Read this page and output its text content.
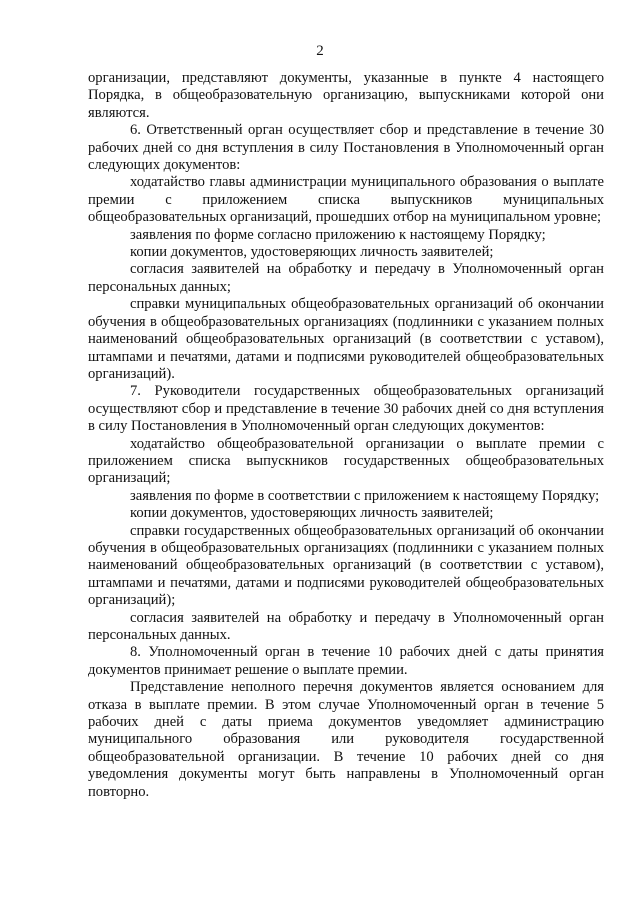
2

организации, представляют документы, указанные в пункте 4 настоящего Порядка, в общеобразовательную организацию, выпускниками которой они являются.

6. Ответственный орган осуществляет сбор и представление в течение 30 рабочих дней со дня вступления в силу Постановления в Уполномоченный орган следующих документов:

ходатайство главы администрации муниципального образования о выплате премии с приложением списка выпускников муниципальных общеобразовательных организаций, прошедших отбор на муниципальном уровне;

заявления по форме согласно приложению к настоящему Порядку;

копии документов, удостоверяющих личность заявителей;

согласия заявителей на обработку и передачу в Уполномоченный орган персональных данных;

справки муниципальных общеобразовательных организаций об окончании обучения в общеобразовательных организациях (подлинники с указанием полных наименований общеобразовательных организаций (в соответствии с уставом), штампами и печатями, датами и подписями руководителей общеобразовательных организаций).

7. Руководители государственных общеобразовательных организаций осуществляют сбор и представление в течение 30 рабочих дней со дня вступления в силу Постановления в Уполномоченный орган следующих документов:

ходатайство общеобразовательной организации о выплате премии с приложением списка выпускников государственных общеобразовательных организаций;

заявления по форме в соответствии с приложением к настоящему Порядку;

копии документов, удостоверяющих личность заявителей;

справки государственных общеобразовательных организаций об окончании обучения в общеобразовательных организациях (подлинники с указанием полных наименований общеобразовательных организаций (в соответствии с уставом), штампами и печатями, датами и подписями руководителей общеобразовательных организаций);

согласия заявителей на обработку и передачу в Уполномоченный орган персональных данных.

8. Уполномоченный орган в течение 10 рабочих дней с даты принятия документов принимает решение о выплате премии.

Представление неполного перечня документов является основанием для отказа в выплате премии. В этом случае Уполномоченный орган в течение 5 рабочих дней с даты приема документов уведомляет администрацию муниципального образования или руководителя государственной общеобразовательной организации. В течение 10 рабочих дней со дня уведомления документы могут быть направлены в Уполномоченный орган повторно.
